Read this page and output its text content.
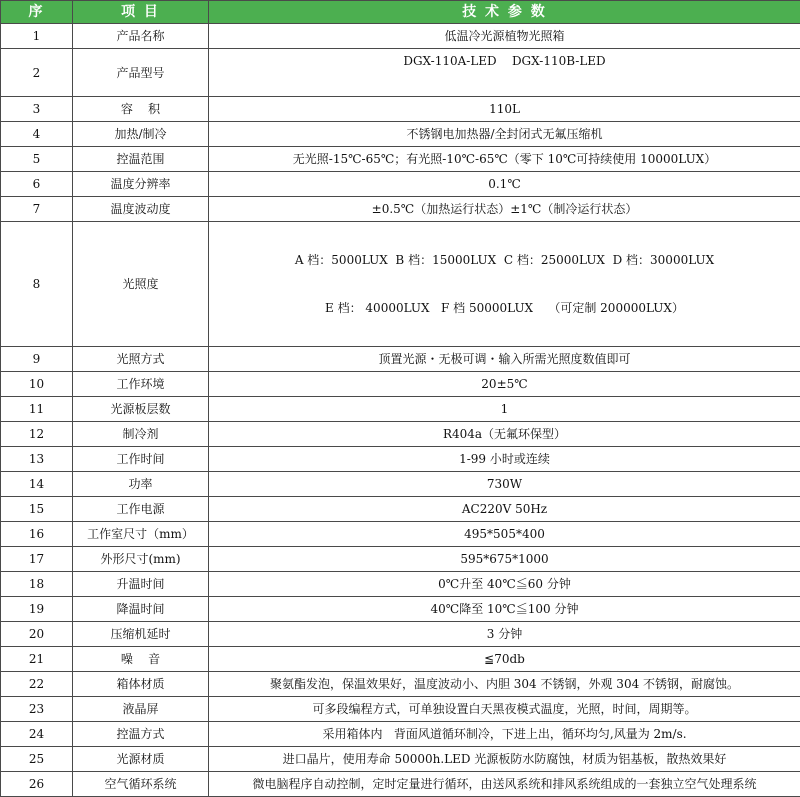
序	项 目	技 术 参 数
1	产品名称	低温冷光源植物光照箱
2	产品型号	DGX-110A-LED    DGX-110B-LED
3	容    积	110L
4	加热/制冷	不锈钢电加热器/全封闭式无氟压缩机
5	控温范围	无光照-15℃-65℃；有光照-10℃-65℃（零下 10℃可持续使用 10000LUX）
6	温度分辨率	0.1℃
7	温度波动度	±0.5℃（加热运行状态）±1℃（制冷运行状态）
8	光照度	A 档：5000LUX  B 档：15000LUX  C 档：25000LUX  D 档：30000LUX

E 档： 40000LUX   F 档 50000LUX    （可定制 200000LUX）

9	光照方式	顶置光源・无极可调・输入所需光照度数值即可
10	工作环境	20±5℃
11	光源板层数	1
12	制冷剂	R404a（无氟环保型）
13	工作时间	1-99 小时或连续
14	功率	730W
15	工作电源	AC220V 50Hz
16	工作室尺寸（mm）	495*505*400
17	外形尺寸(mm)	595*675*1000
18	升温时间	0℃升至 40℃≦60 分钟
19	降温时间	40℃降至 10℃≦100 分钟
20	压缩机延时	3 分钟
21	噪    音	≦70db
22	箱体材质	聚氨酯发泡，保温效果好，温度波动小、内胆 304 不锈钢，外观 304 不锈钢，耐腐蚀。
23	液晶屏	可多段编程方式，可单独设置白天黑夜模式温度，光照，时间，周期等。
24	控温方式	采用箱体内   背面风道循环制冷，下进上出，循环均匀,风量为 2m/s.
25	光源材质	进口晶片，使用寿命 50000h.LED 光源板防水防腐蚀，材质为铝基板，散热效果好
26	空气循环系统	微电脑程序自动控制，定时定量进行循环，由送风系统和排风系统组成的一套独立空气处理系统
